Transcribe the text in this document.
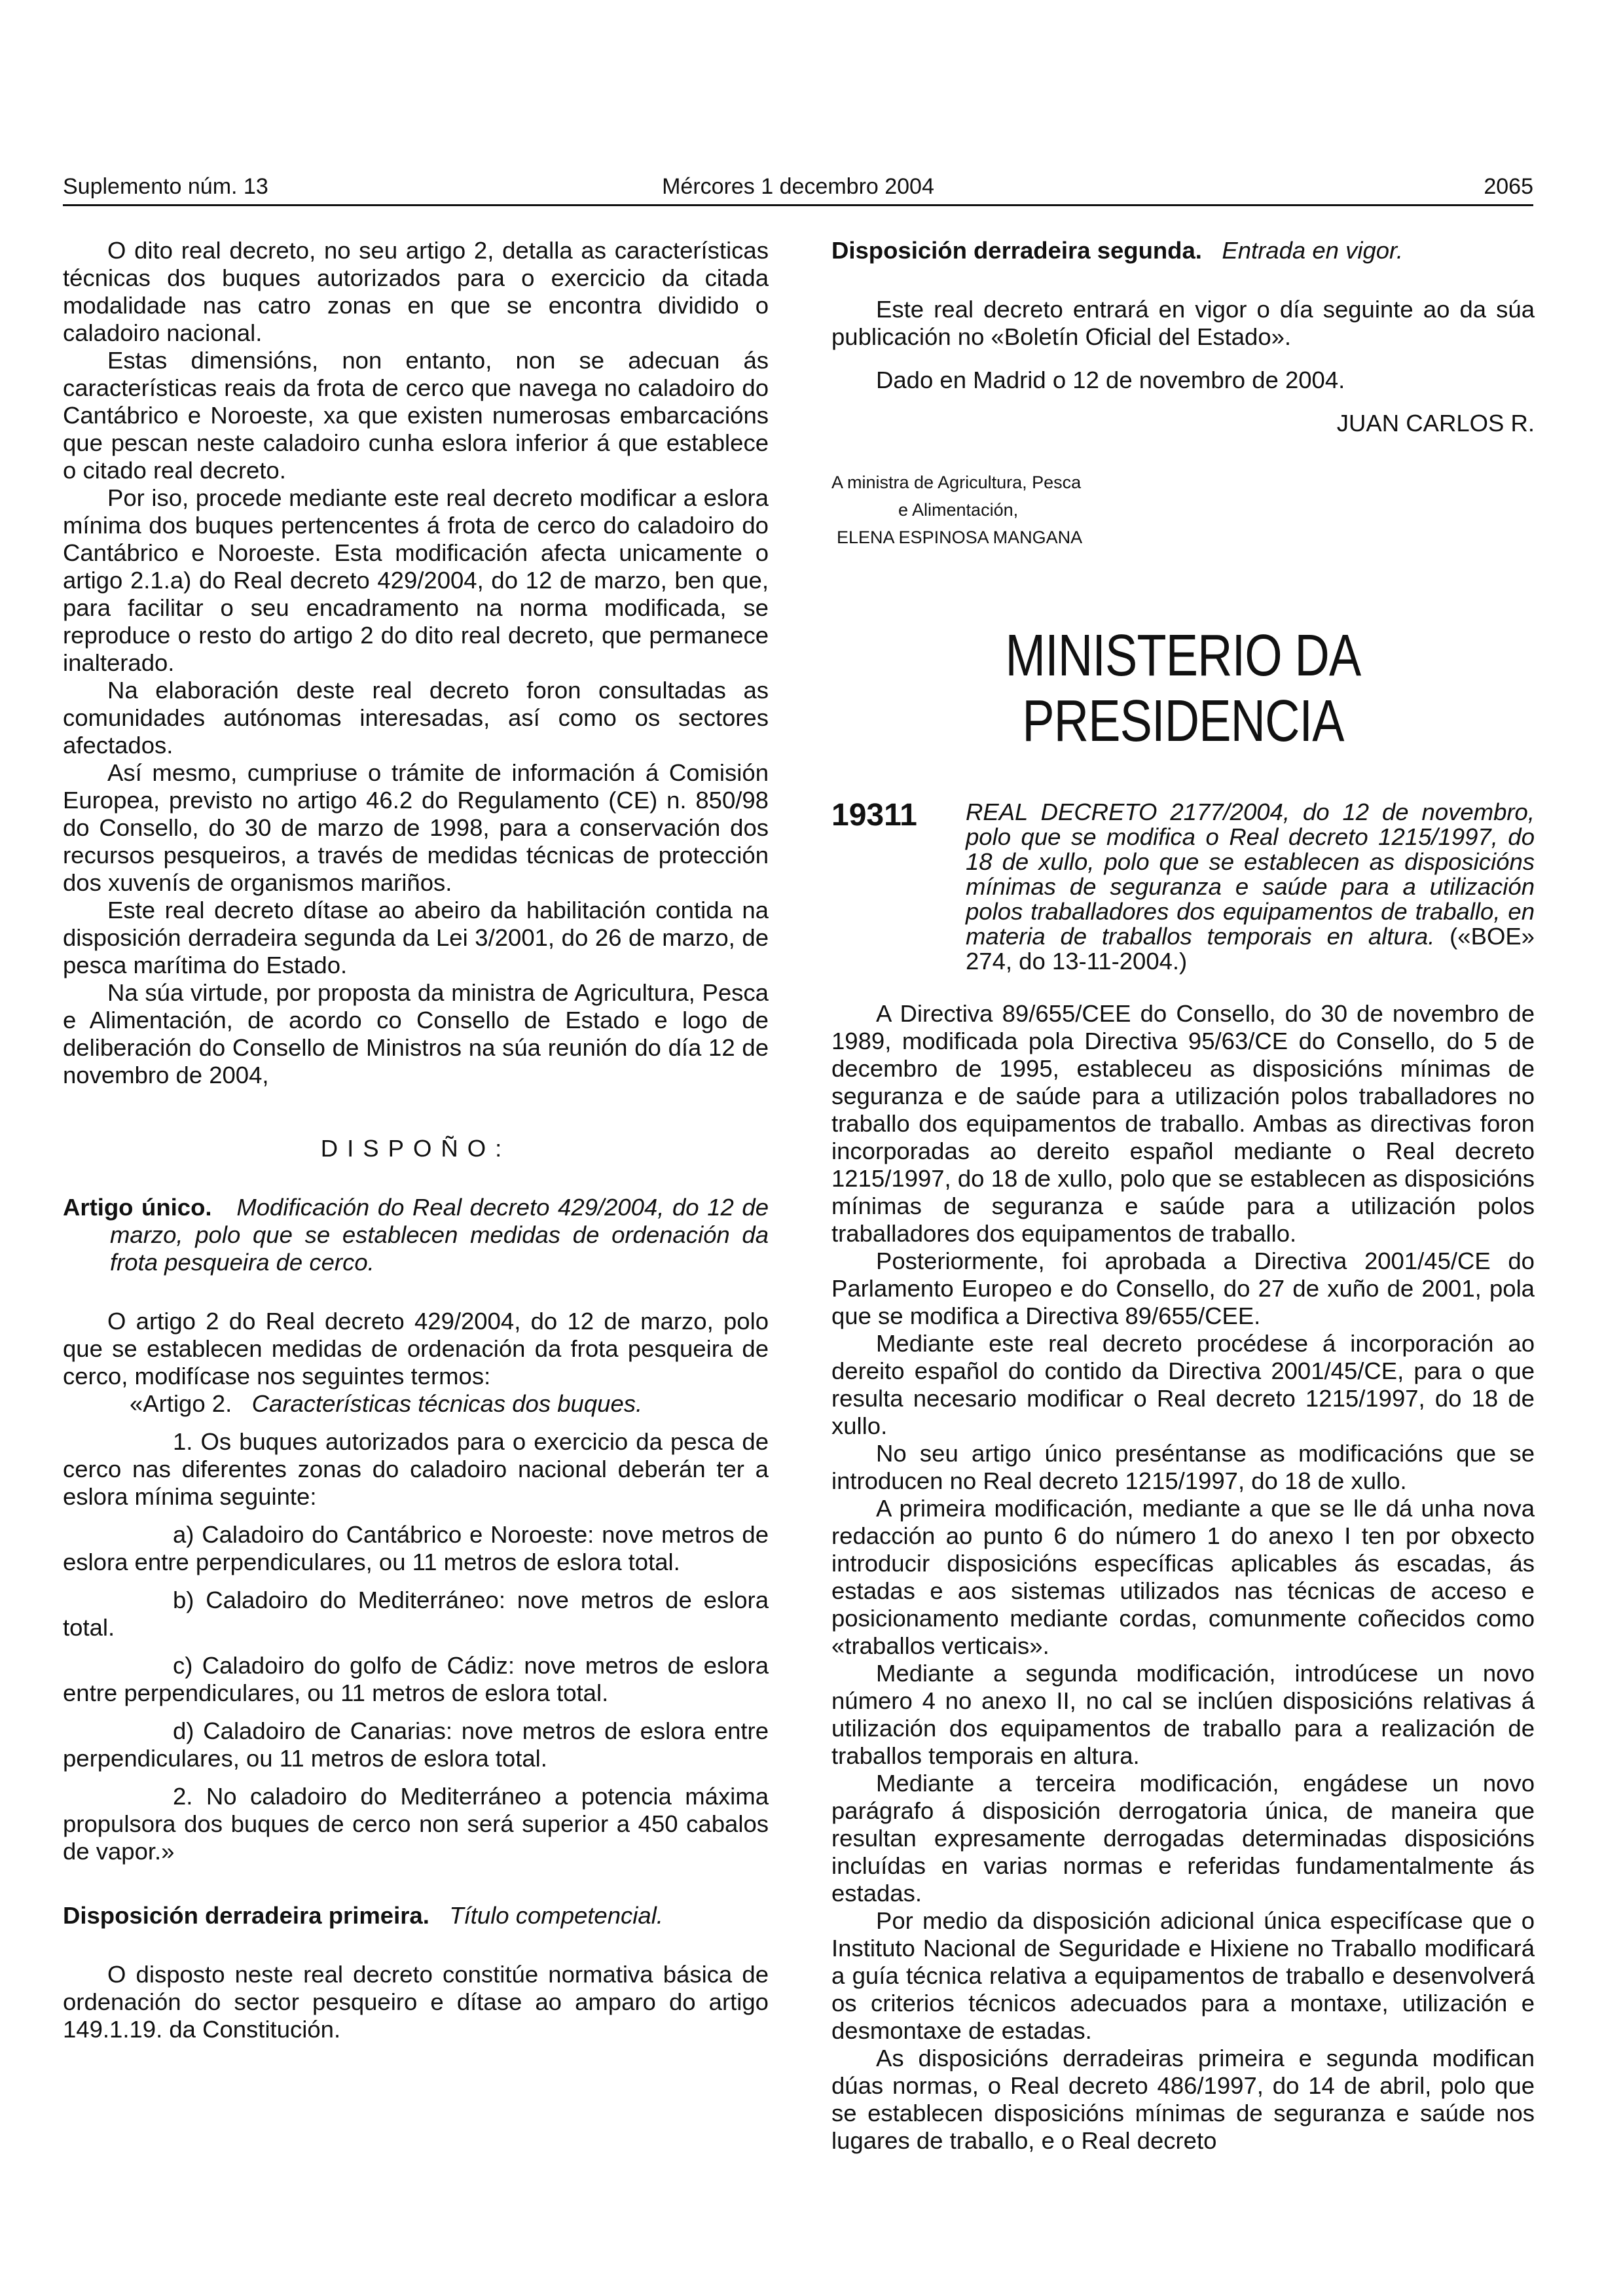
Suplemento núm. 13	Mércores 1 decembro 2004	2065

O dito real decreto, no seu artigo 2, detalla as características técnicas dos buques autorizados para o exercicio da citada modalidade nas catro zonas en que se encontra dividido o caladoiro nacional.

Estas dimensións, non entanto, non se adecuan ás características reais da frota de cerco que navega no caladoiro do Cantábrico e Noroeste, xa que existen numerosas embarcacións que pescan neste caladoiro cunha eslora inferior á que establece o citado real decreto.

Por iso, procede mediante este real decreto modificar a eslora mínima dos buques pertencentes á frota de cerco do caladoiro do Cantábrico e Noroeste. Esta modificación afecta unicamente o artigo 2.1.a) do Real decreto 429/2004, do 12 de marzo, ben que, para facilitar o seu encadramento na norma modificada, se reproduce o resto do artigo 2 do dito real decreto, que permanece inalterado.

Na elaboración deste real decreto foron consultadas as comunidades autónomas interesadas, así como os sectores afectados.

Así mesmo, cumpriuse o trámite de información á Comisión Europea, previsto no artigo 46.2 do Regulamento (CE) n. 850/98 do Consello, do 30 de marzo de 1998, para a conservación dos recursos pesqueiros, a través de medidas técnicas de protección dos xuvenís de organismos mariños.

Este real decreto dítase ao abeiro da habilitación contida na disposición derradeira segunda da Lei 3/2001, do 26 de marzo, de pesca marítima do Estado.

Na súa virtude, por proposta da ministra de Agricultura, Pesca e Alimentación, de acordo co Consello de Estado e logo de deliberación do Consello de Ministros na súa reunión do día 12 de novembro de 2004,

DISPOÑO:

Artigo único. Modificación do Real decreto 429/2004, do 12 de marzo, polo que se establecen medidas de ordenación da frota pesqueira de cerco.

O artigo 2 do Real decreto 429/2004, do 12 de marzo, polo que se establecen medidas de ordenación da frota pesqueira de cerco, modifícase nos seguintes termos:

«Artigo 2. Características técnicas dos buques.

1. Os buques autorizados para o exercicio da pesca de cerco nas diferentes zonas do caladoiro nacional deberán ter a eslora mínima seguinte:

a) Caladoiro do Cantábrico e Noroeste: nove metros de eslora entre perpendiculares, ou 11 metros de eslora total.

b) Caladoiro do Mediterráneo: nove metros de eslora total.

c) Caladoiro do golfo de Cádiz: nove metros de eslora entre perpendiculares, ou 11 metros de eslora total.

d) Caladoiro de Canarias: nove metros de eslora entre perpendiculares, ou 11 metros de eslora total.

2. No caladoiro do Mediterráneo a potencia máxima propulsora dos buques de cerco non será superior a 450 cabalos de vapor.»

Disposición derradeira primeira. Título competencial.

O disposto neste real decreto constitúe normativa básica de ordenación do sector pesqueiro e dítase ao amparo do artigo 149.1.19. da Constitución.

Disposición derradeira segunda. Entrada en vigor.

Este real decreto entrará en vigor o día seguinte ao da súa publicación no «Boletín Oficial del Estado».

Dado en Madrid o 12 de novembro de 2004.

JUAN CARLOS R.

A ministra de Agricultura, Pesca

e Alimentación,

ELENA ESPINOSA MANGANA

MINISTERIO DA PRESIDENCIA

19311 REAL DECRETO 2177/2004, do 12 de novembro, polo que se modifica o Real decreto 1215/1997, do 18 de xullo, polo que se establecen as disposicións mínimas de seguranza e saúde para a utilización polos traballadores dos equipamentos de traballo, en materia de traballos temporais en altura. («BOE» 274, do 13-11-2004.)

A Directiva 89/655/CEE do Consello, do 30 de novembro de 1989, modificada pola Directiva 95/63/CE do Consello, do 5 de decembro de 1995, estableceu as disposicións mínimas de seguranza e de saúde para a utilización polos traballadores no traballo dos equipamentos de traballo. Ambas as directivas foron incorporadas ao dereito español mediante o Real decreto 1215/1997, do 18 de xullo, polo que se establecen as disposicións mínimas de seguranza e saúde para a utilización polos traballadores dos equipamentos de traballo.

Posteriormente, foi aprobada a Directiva 2001/45/CE do Parlamento Europeo e do Consello, do 27 de xuño de 2001, pola que se modifica a Directiva 89/655/CEE.

Mediante este real decreto procédese á incorporación ao dereito español do contido da Directiva 2001/45/CE, para o que resulta necesario modificar o Real decreto 1215/1997, do 18 de xullo.

No seu artigo único preséntanse as modificacións que se introducen no Real decreto 1215/1997, do 18 de xullo.

A primeira modificación, mediante a que se lle dá unha nova redacción ao punto 6 do número 1 do anexo I ten por obxecto introducir disposicións específicas aplicables ás escadas, ás estadas e aos sistemas utilizados nas técnicas de acceso e posicionamento mediante cordas, comunmente coñecidos como «traballos verticais».

Mediante a segunda modificación, introdúcese un novo número 4 no anexo II, no cal se inclúen disposicións relativas á utilización dos equipamentos de traballo para a realización de traballos temporais en altura.

Mediante a terceira modificación, engádese un novo parágrafo á disposición derrogatoria única, de maneira que resultan expresamente derrogadas determinadas disposicións incluídas en varias normas e referidas fundamentalmente ás estadas.

Por medio da disposición adicional única especifícase que o Instituto Nacional de Seguridade e Hixiene no Traballo modificará a guía técnica relativa a equipamentos de traballo e desenvolverá os criterios técnicos adecuados para a montaxe, utilización e desmontaxe de estadas.

As disposicións derradeiras primeira e segunda modifican dúas normas, o Real decreto 486/1997, do 14 de abril, polo que se establecen disposicións mínimas de seguranza e saúde nos lugares de traballo, e o Real decreto
